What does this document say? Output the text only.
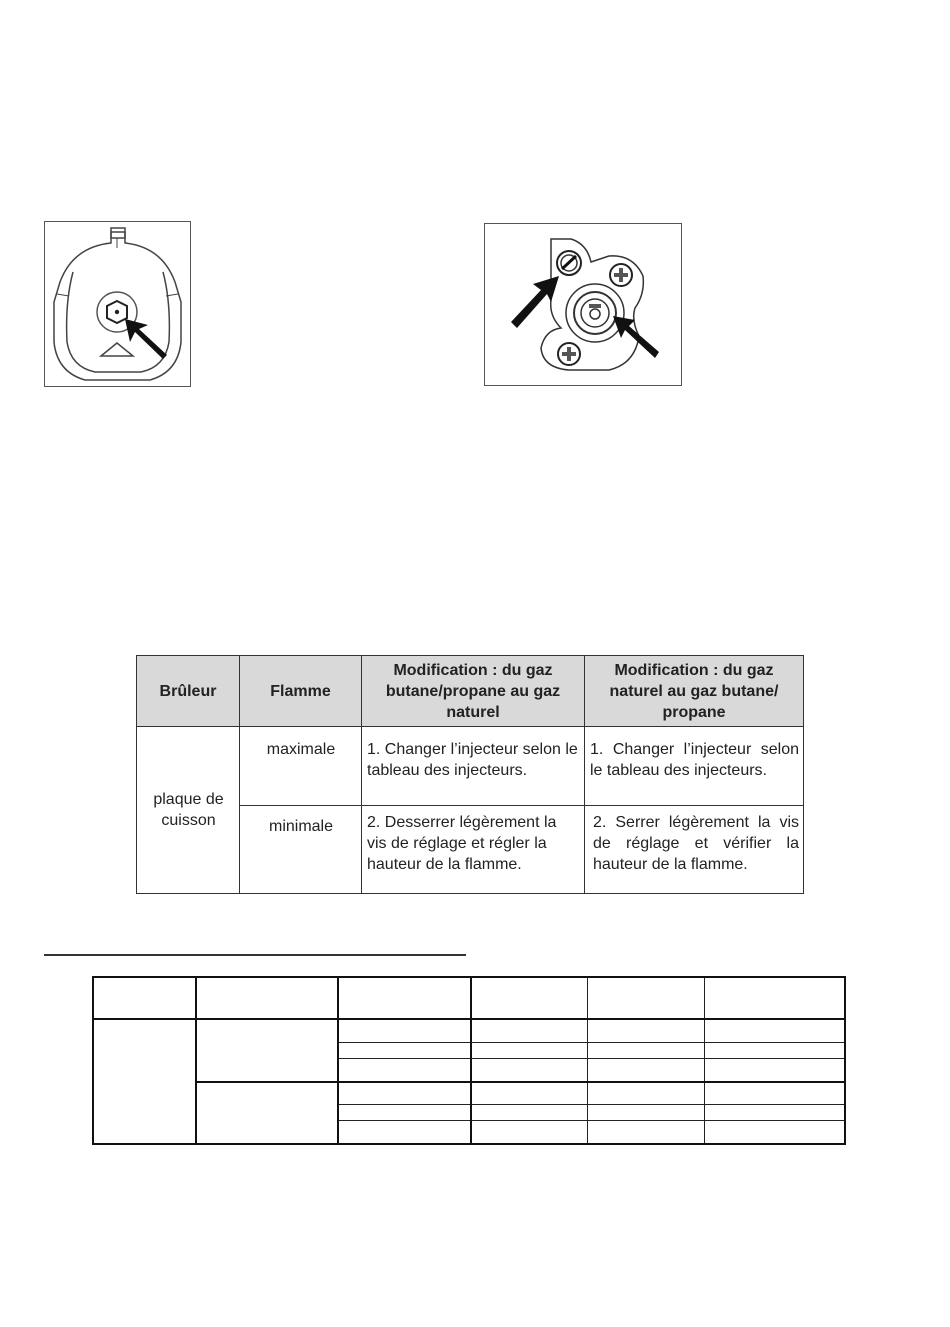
Brûleur	Flamme	Modification : du gaz butane/propane au gaz naturel	Modification : du gaz naturel au gaz butane/ propane
plaque de cuisson	maximale	1. Changer l’injecteur selon le tableau des injecteurs.	1. Changer l’injecteur selon le tableau des injecteurs.
	minimale	2. Desserrer légèrement la vis de réglage et régler la hauteur de la flamme.	2. Serrer légèrement la vis de réglage et vérifier la hauteur de la flamme.
